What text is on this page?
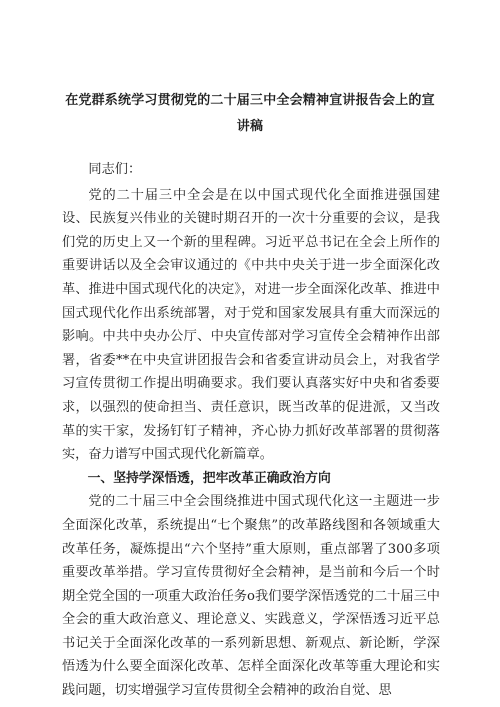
在党群系统学习贯彻党的二十届三中全会精神宣讲报告会上的宣讲稿

同志们：

党的二十届三中全会是在以中国式现代化全面推进强国建设、民族复兴伟业的关键时期召开的一次十分重要的会议，是我们党的历史上又一个新的里程碑。习近平总书记在全会上所作的重要讲话以及全会审议通过的《中共中央关于进一步全面深化改革、推进中国式现代化的决定》，对进一步全面深化改革、推进中国式现代化作出系统部署，对于党和国家发展具有重大而深远的影响。中共中央办公厅、中央宣传部对学习宣传全会精神作出部署，省委**在中央宣讲团报告会和省委宣讲动员会上，对我省学习宣传贯彻工作提出明确要求。我们要认真落实好中央和省委要求，以强烈的使命担当、责任意识，既当改革的促进派，又当改革的实干家，发扬钉钉子精神，齐心协力抓好改革部署的贯彻落实，奋力谱写中国式现代化新篇章。

一、坚持学深悟透，把牢改革正确政治方向

党的二十届三中全会围绕推进中国式现代化这一主题进一步全面深化改革，系统提出“七个聚焦”的改革路线图和各领域重大改革任务，凝炼提出“六个坚持”重大原则，重点部署了300多项重要改革举措。学习宣传贯彻好全会精神，是当前和今后一个时期全党全国的一项重大政治任务o我们要学深悟透党的二十届三中全会的重大政治意义、理论意义、实践意义，学深悟透习近平总书记关于全面深化改革的一系列新思想、新观点、新论断，学深悟透为什么要全面深化改革、怎样全面深化改革等重大理论和实践问题，切实增强学习宣传贯彻全会精神的政治自觉、思
